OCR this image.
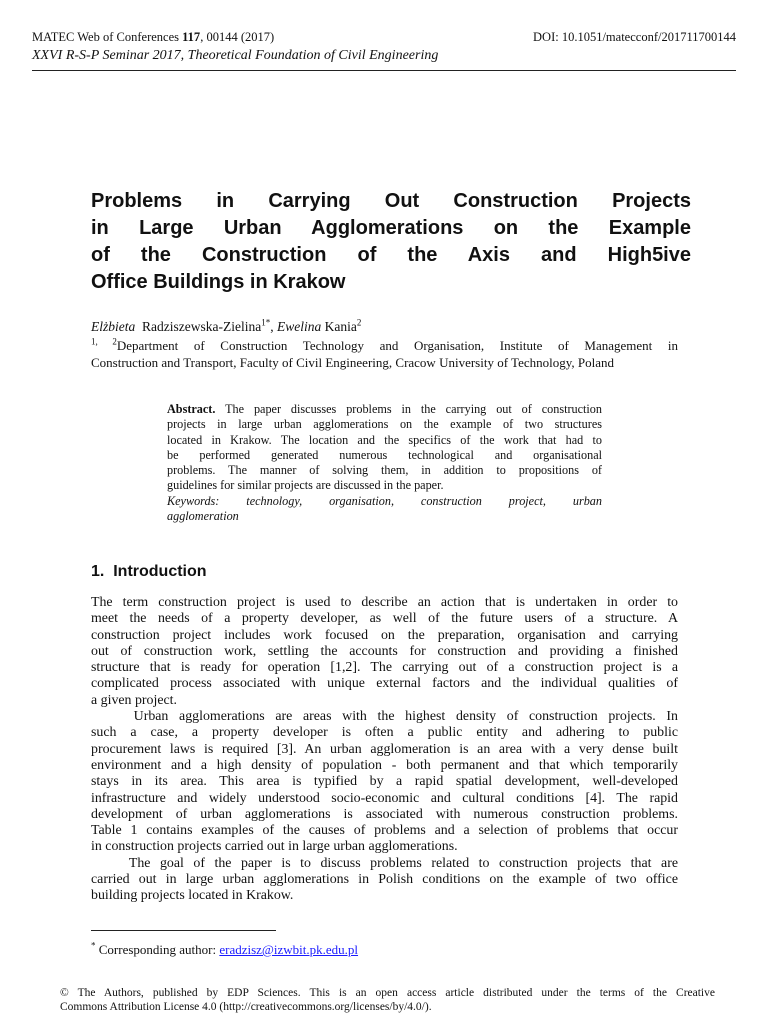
MATEC Web of Conferences 117, 00144 (2017)	DOI: 10.1051/matecconf/201711700144
XXVI R-S-P Seminar 2017, Theoretical Foundation of Civil Engineering
Problems in Carrying Out Construction Projects
in Large Urban Agglomerations on the Example
of the Construction of the Axis and High5ive
Office Buildings in Krakow
Elżbieta Radziszewska-Zielina$^{1*}$, Ewelina Kania$^2$
$^{1, 2}$Department of Construction Technology and Organisation, Institute of Management in
Construction and Transport, Faculty of Civil Engineering, Cracow University of Technology, Poland
Abstract. The paper discusses problems in the carrying out of construction
projects in large urban agglomerations on the example of two structures
located in Krakow. The location and the specifics of the work that had to
be performed generated numerous technological and organisational
problems. The manner of solving them, in addition to propositions of
guidelines for similar projects are discussed in the paper.
Keywords: technology, organisation, construction project, urban
agglomeration
1.  Introduction
The term construction project is used to describe an action that is undertaken in order to
meet the needs of a property developer, as well of the future users of a structure. A
construction project includes work focused on the preparation, organisation and carrying
out of construction work, settling the accounts for construction and providing a finished
structure that is ready for operation [1,2]. The carrying out of a construction project is a
complicated process associated with unique external factors and the individual qualities of
a given project.
Urban agglomerations are areas with the highest density of construction projects. In
such a case, a property developer is often a public entity and adhering to public
procurement laws is required [3]. An urban agglomeration is an area with a very dense built
environment and a high density of population - both permanent and that which temporarily
stays in its area. This area is typified by a rapid spatial development, well-developed
infrastructure and widely understood socio-economic and cultural conditions [4]. The rapid
development of urban agglomerations is associated with numerous construction problems.
Table 1 contains examples of the causes of problems and a selection of problems that occur
in construction projects carried out in large urban agglomerations.
The goal of the paper is to discuss problems related to construction projects that are
carried out in large urban agglomerations in Polish conditions on the example of two office
building projects located in Krakow.
* Corresponding author: eradzisz@izwbit.pk.edu.pl
© The Authors, published by EDP Sciences. This is an open access article distributed under the terms of the Creative
Commons Attribution License 4.0 (http://creativecommons.org/licenses/by/4.0/).
